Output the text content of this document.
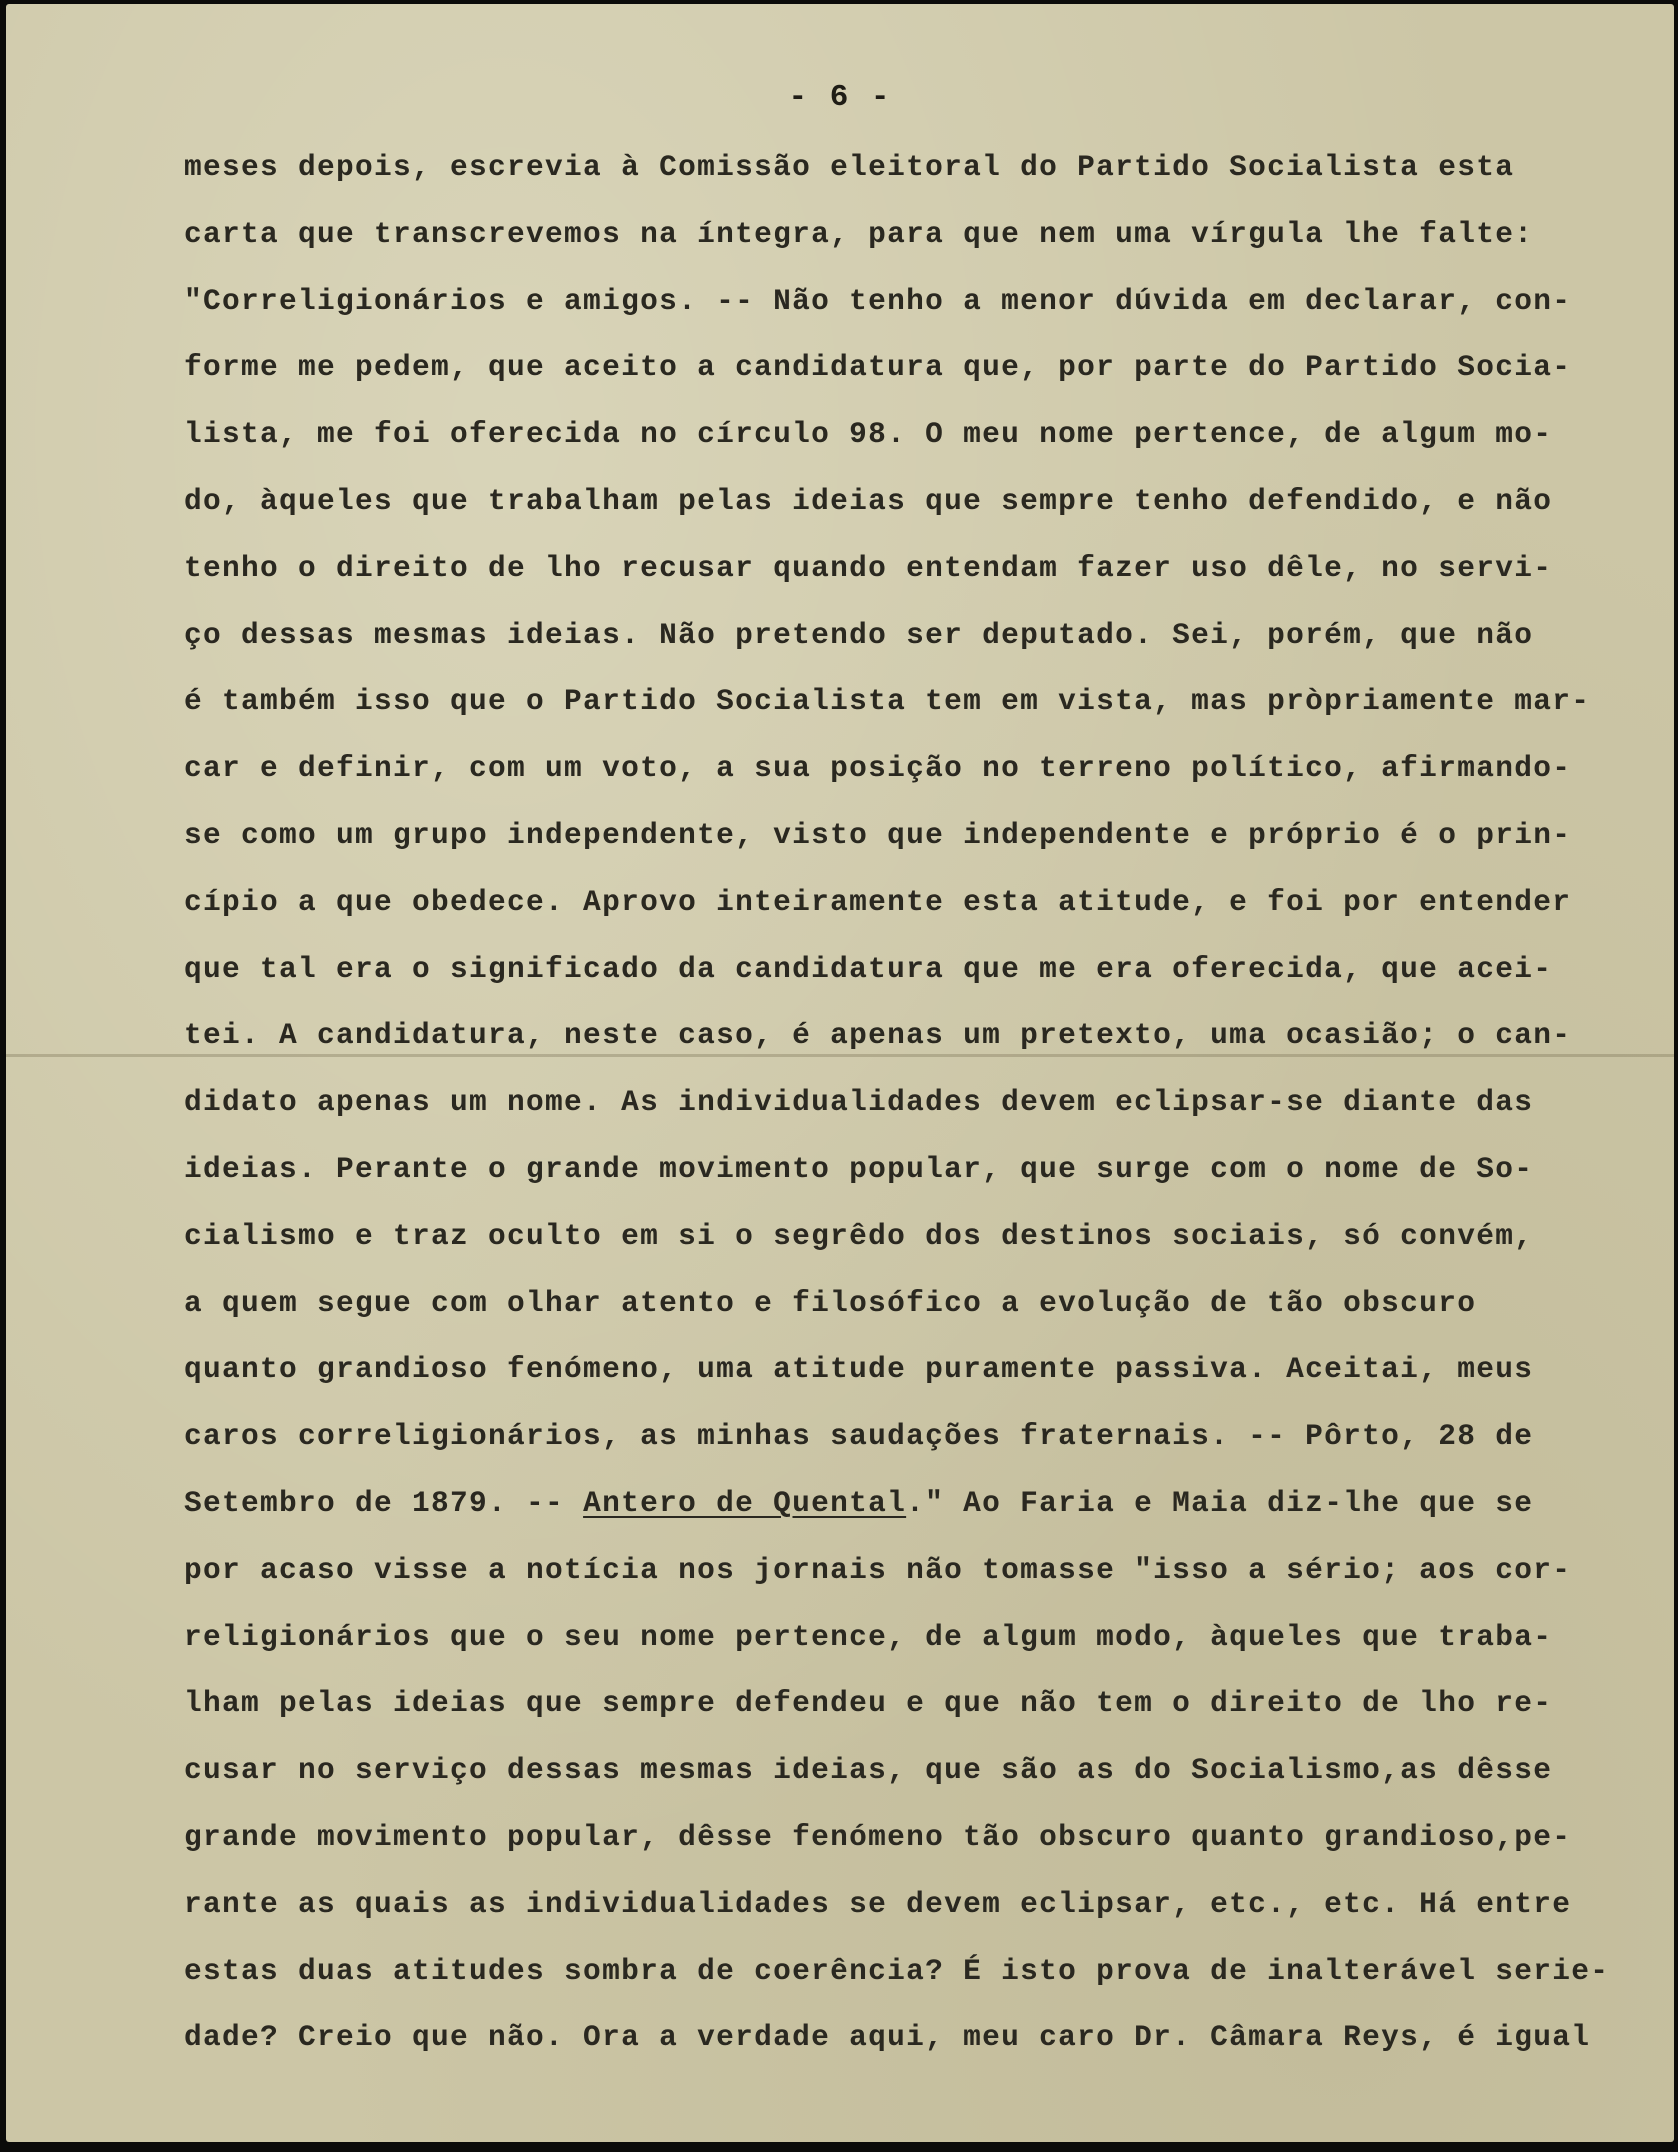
- 6 -
meses depois, escrevia à Comissão eleitoral do Partido Socialista esta
carta que transcrevemos na íntegra, para que nem uma vírgula lhe falte:
"Correligionários e amigos. -- Não tenho a menor dúvida em declarar, con-
forme me pedem, que aceito a candidatura que, por parte do Partido Socia-
lista, me foi oferecida no círculo 98. O meu nome pertence, de algum mo-
do, àqueles que trabalham pelas ideias que sempre tenho defendido, e não
tenho o direito de lho recusar quando entendam fazer uso dêle, no servi-
ço dessas mesmas ideias. Não pretendo ser deputado. Sei, porém, que não
é também isso que o Partido Socialista tem em vista, mas pròpriamente mar-
car e definir, com um voto, a sua posição no terreno político, afirmando-
se como um grupo independente, visto que independente e próprio é o prin-
cípio a que obedece. Aprovo inteiramente esta atitude, e foi por entender
que tal era o significado da candidatura que me era oferecida, que acei-
tei. A candidatura, neste caso, é apenas um pretexto, uma ocasião; o can-
didato apenas um nome. As individualidades devem eclipsar-se diante das
ideias. Perante o grande movimento popular, que surge com o nome de So-
cialismo e traz oculto em si o segrêdo dos destinos sociais, só convém,
a quem segue com olhar atento e filosófico a evolução de tão obscuro
quanto grandioso fenómeno, uma atitude puramente passiva. Aceitai, meus
caros correligionários, as minhas saudações fraternais. -- Pôrto, 28 de
Setembro de 1879. -- Antero de Quental." Ao Faria e Maia diz-lhe que se
por acaso visse a notícia nos jornais não tomasse "isso a sério; aos cor-
religionários que o seu nome pertence, de algum modo, àqueles que traba-
lham pelas ideias que sempre defendeu e que não tem o direito de lho re-
cusar no serviço dessas mesmas ideias, que são as do Socialismo,as dêsse
grande movimento popular, dêsse fenómeno tão obscuro quanto grandioso,pe-
rante as quais as individualidades se devem eclipsar, etc., etc. Há entre
estas duas atitudes sombra de coerência? É isto prova de inalterável serie-
dade? Creio que não. Ora a verdade aqui, meu caro Dr. Câmara Reys, é igual
